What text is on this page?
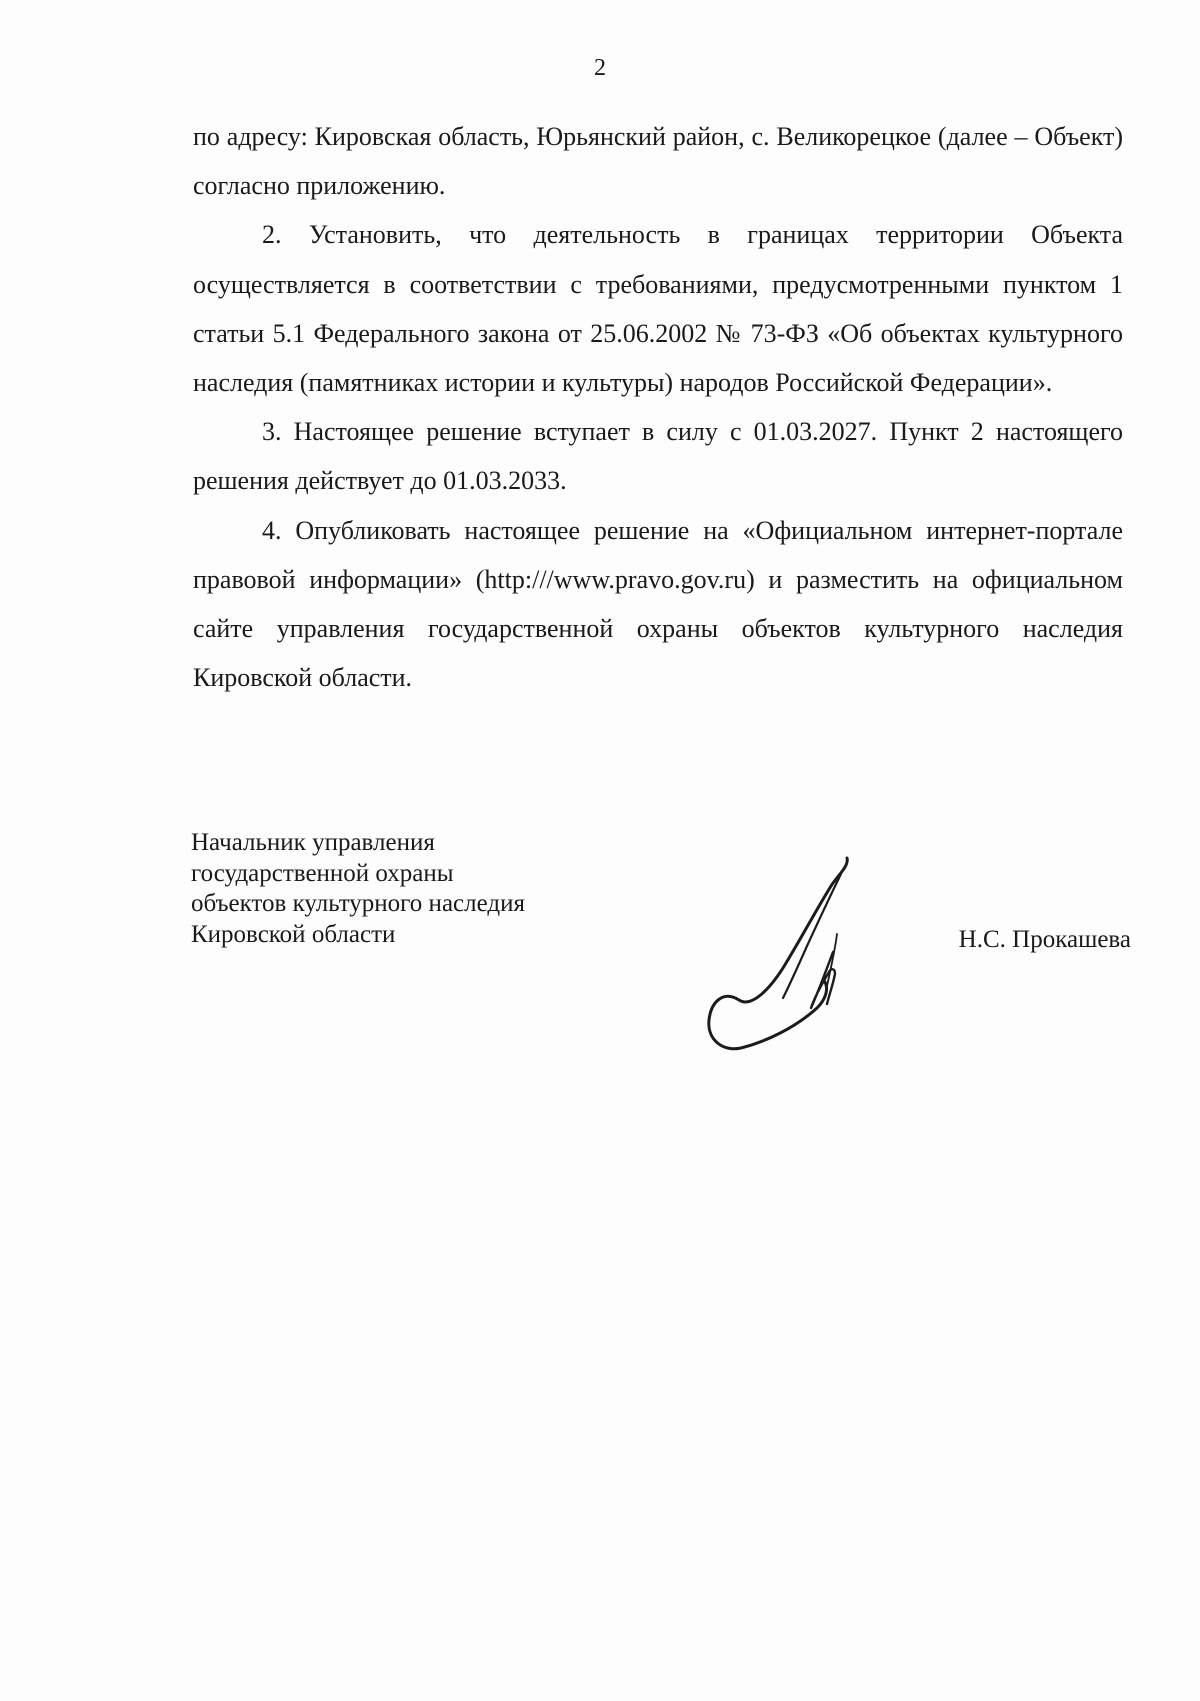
2

по адресу: Кировская область, Юрьянский район, с. Великорецкое (далее – Объект) согласно приложению.

2. Установить, что деятельность в границах территории Объекта осуществляется в соответствии с требованиями, предусмотренными пунктом 1 статьи 5.1 Федерального закона от 25.06.2002 № 73-ФЗ «Об объектах культурного наследия (памятниках истории и культуры) народов Российской Федерации».

3. Настоящее решение вступает в силу с 01.03.2027. Пункт 2 настоящего решения действует до 01.03.2033.

4. Опубликовать настоящее решение на «Официальном интернет-портале правовой информации» (http:///www.pravo.gov.ru) и разместить на официальном сайте управления государственной охраны объектов культурного наследия Кировской области.

Начальник управления
государственной охраны
объектов культурного наследия
Кировской области	Н.С. Прокашева
